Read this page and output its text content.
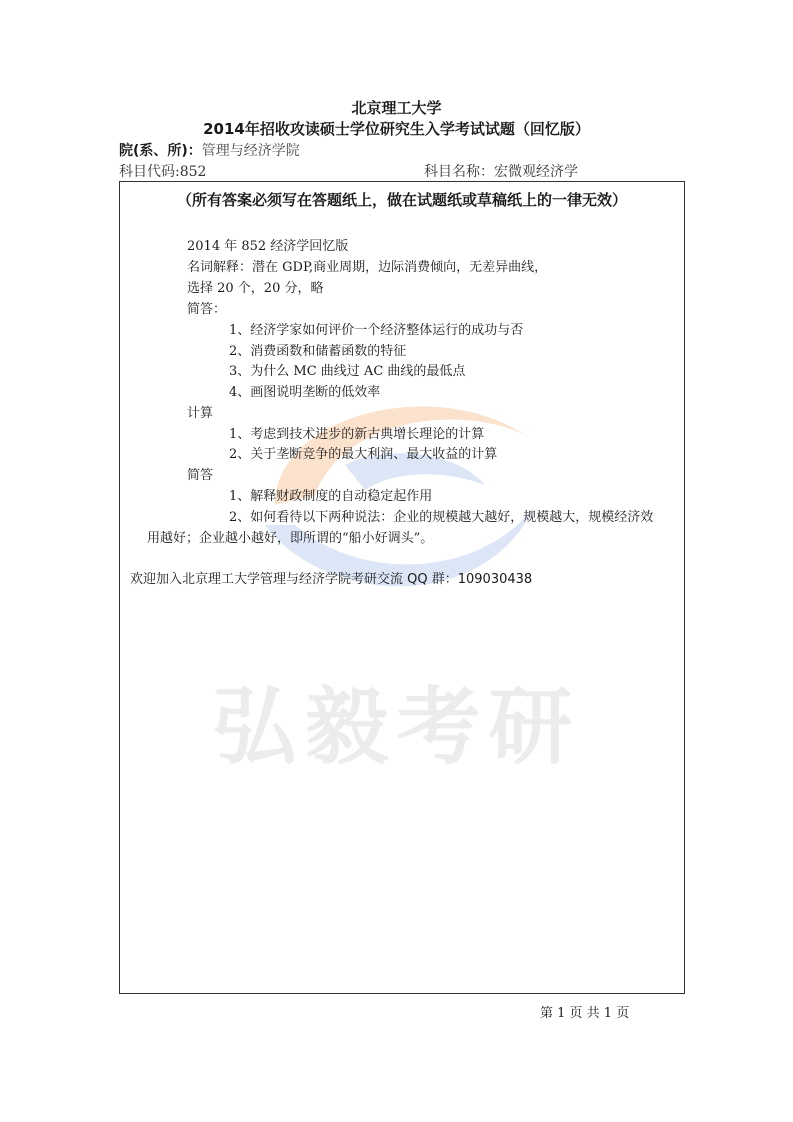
北京理工大学
2014年招收攻读硕士学位研究生入学考试试题（回忆版）
院(系、所)：管理与经济学院
科目代码:852	科目名称：宏微观经济学
弘毅考研
（所有答案必须写在答题纸上，做在试题纸或草稿纸上的一律无效）
2014 年 852 经济学回忆版
名词解释：潜在 GDP,商业周期，边际消费倾向，无差异曲线，
选择 20 个，20 分，略
简答：
1、经济学家如何评价一个经济整体运行的成功与否
2、消费函数和储蓄函数的特征
3、为什么 MC 曲线过 AC 曲线的最低点
4、画图说明垄断的低效率
计算
1、考虑到技术进步的新古典增长理论的计算
2、关于垄断竞争的最大利润、最大收益的计算
简答
1、解释财政制度的自动稳定起作用
2、如何看待以下两种说法：企业的规模越大越好，规模越大，规模经济效
用越好；企业越小越好，即所谓的“船小好调头”。
欢迎加入北京理工大学管理与经济学院考研交流 QQ 群：109030438
第 1 页 共 1 页
